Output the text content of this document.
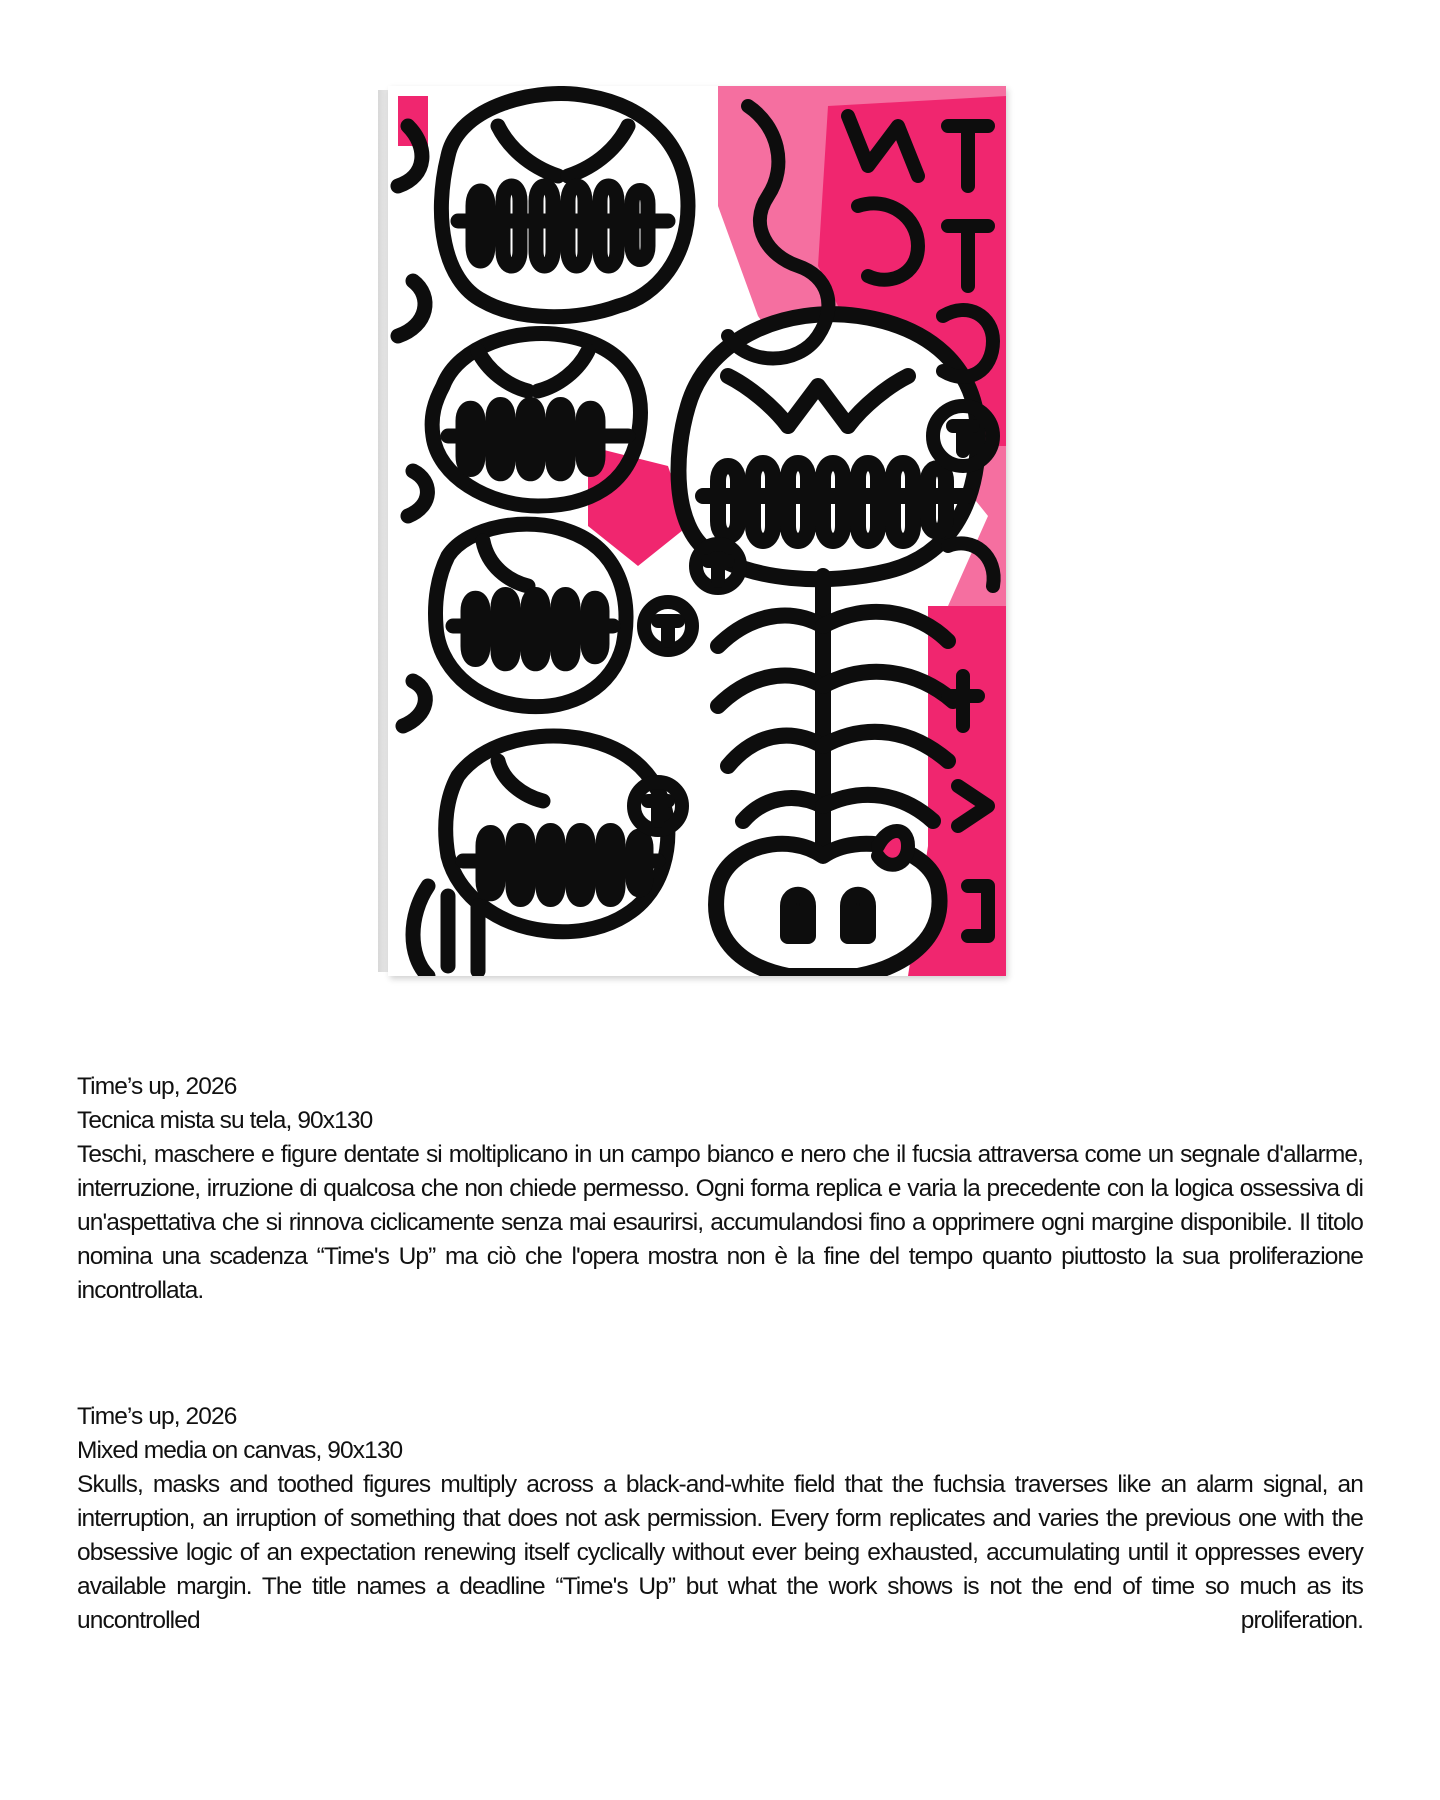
Time’s up, 2026

Tecnica mista su tela, 90x130

Teschi, maschere e figure dentate si moltiplicano in un campo bianco e nero che il fucsia attraversa come un segnale d'allarme, interruzione, irruzione di qualcosa che non chiede permesso. Ogni forma replica e varia la precedente con la logica ossessiva di un'aspettativa che si rinnova ciclicamente senza mai esaurirsi, accumulandosi fino a opprimere ogni margine disponibile. Il titolo nomina una scadenza “Time's Up” ma ciò che l'opera mostra non è la fine del tempo quanto piuttosto la sua proliferazione incontrollata.

Time’s up, 2026

Mixed media on canvas, 90x130

Skulls, masks and toothed figures multiply across a black-and-white field that the fuchsia traverses like an alarm signal, an interruption, an irruption of something that does not ask permission. Every form replicates and varies the previous one with the obsessive logic of an expectation renewing itself cyclically without ever being exhausted, accumulating until it oppresses every available margin. The title names a deadline “Time's Up” but what the work shows is not the end of time so much as its uncontrolled proliferation.
